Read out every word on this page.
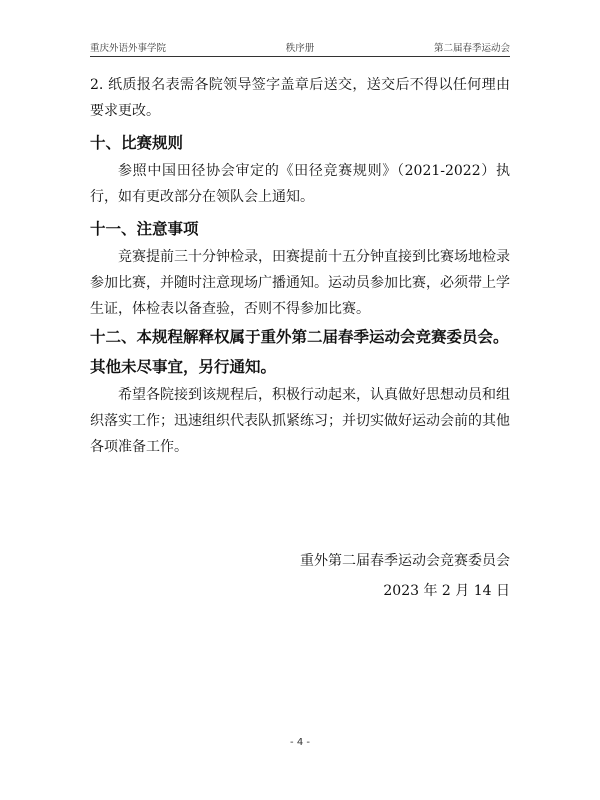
重庆外语外事学院	秩序册	第二届春季运动会

2. 纸质报名表需各院领导签字盖章后送交，送交后不得以任何理由要求更改。

十、比赛规则

参照中国田径协会审定的《田径竞赛规则》（2021-2022）执行，如有更改部分在领队会上通知。

十一、注意事项

竞赛提前三十分钟检录，田赛提前十五分钟直接到比赛场地检录参加比赛，并随时注意现场广播通知。运动员参加比赛，必须带上学生证，体检表以备查验，否则不得参加比赛。

十二、本规程解释权属于重外第二届春季运动会竞赛委员会。其他未尽事宜，另行通知。

希望各院接到该规程后，积极行动起来，认真做好思想动员和组织落实工作；迅速组织代表队抓紧练习；并切实做好运动会前的其他各项准备工作。

重外第二届春季运动会竞赛委员会
2023 年 2 月 14 日
- 4 -
